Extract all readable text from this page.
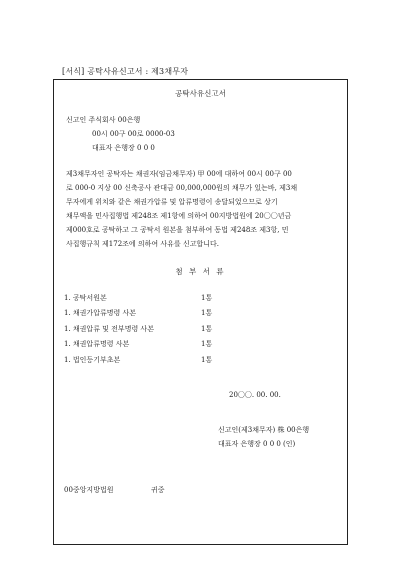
[서식] 공탁사유신고서 : 제3채무자
공탁사유신고서
신고인 주식회사 00은행
00시 00구 00로 0000-03
대표자 은행장 0 0 0
제3채무자인 공탁자는 채권자(임금채무자) 甲 00에 대하여 00시 00구 00
로 000-0 지상 00 신축공사 관대금 00,000,000원의 채무가 있는바, 제3채
무자에게 위치와 같은 채권가압류 및 압류명령이 송달되었으므로 상기
채무액을 민사집행법 제248조 제1항에 의하여 00지방법원에 20〇〇년금
제000호로 공탁하고 그 공탁서 원본을 첨부하여 동법 제248조 제3항, 민
사집행규칙 제172조에 의하여 사유를 신고합니다.
첨 부 서 류
1. 공탁서원본	1통
1. 채권가압류명령 사본	1통
1. 채권압류 및 전부명령 사본	1통
1. 채권압류명령 사본	1통
1. 법인등기부초본	1통
20〇〇. 00. 00.
신고인(제3채무자) 株 00은행
대표자 은행장 0 0 0 (인)
00중앙지방법원	귀중
